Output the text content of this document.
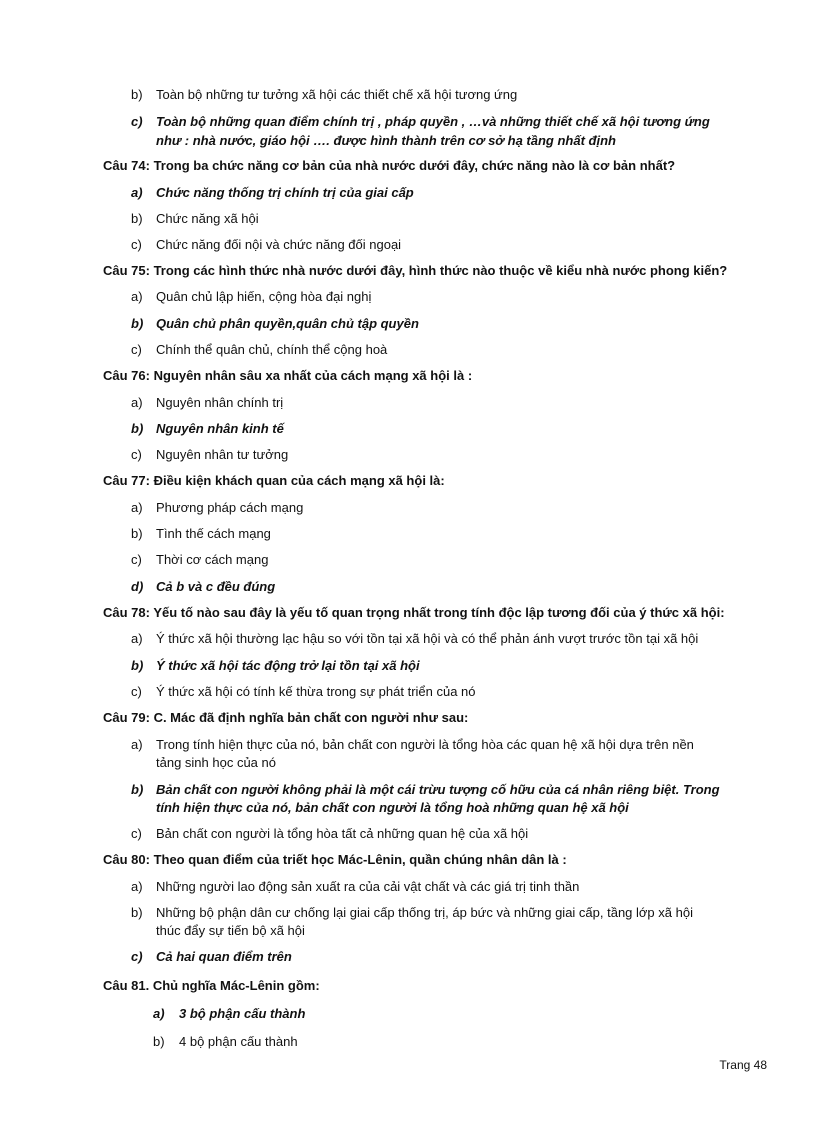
b) Toàn bộ những tư tưởng xã hội các thiết chế xã hội tương ứng
c) Toàn bộ những quan điểm chính trị , pháp quyền , …và những thiết chế xã hội tương ứng
như : nhà nước, giáo hội …. được hình thành trên cơ sở hạ tầng nhất định
Câu 74: Trong ba chức năng cơ bản của nhà nước dưới đây, chức năng nào là cơ bản nhất?
a) Chức năng thống trị chính trị của giai cấp
b) Chức năng xã hội
c) Chức năng đối nội và chức năng đối ngoại
Câu 75: Trong các hình thức nhà nước dưới đây, hình thức nào thuộc về kiểu nhà nước phong kiến?
a) Quân chủ lập hiến, cộng hòa đại nghị
b) Quân chủ phân quyền,quân chủ tập quyền
c) Chính thể quân chủ, chính thể cộng hoà
Câu 76: Nguyên nhân sâu xa nhất của cách mạng xã hội là :
a) Nguyên nhân chính trị
b) Nguyên nhân kinh tế
c) Nguyên nhân tư tưởng
Câu 77: Điều kiện khách quan của cách mạng xã hội là:
a) Phương pháp cách mạng
b) Tình thế cách mạng
c) Thời cơ cách mạng
d) Cả b và c đều đúng
Câu 78: Yếu tố nào sau đây là yếu tố quan trọng nhất trong tính độc lập tương đối của ý thức xã hội:
a) Ý thức xã hội thường lạc hậu so với tồn tại xã hội và có thể phản ánh vượt trước tồn tại xã hội
b) Ý thức xã hội tác động trở lại tồn tại xã hội
c) Ý thức xã hội có tính kế thừa trong sự phát triển của nó
Câu 79: C. Mác đã định nghĩa bản chất con người như sau:
a) Trong tính hiện thực của nó, bản chất con người là tổng hòa các quan hệ xã hội dựa trên nền
tảng sinh học của nó
b) Bản chất con người không phải là một cái trừu tượng cố hữu của cá nhân riêng biệt. Trong
tính hiện thực của nó, bản chất con người là tổng hoà những quan hệ xã hội
c) Bản chất con người là tổng hòa tất cả những quan hệ của xã hội
Câu 80: Theo quan điểm của triết học Mác-Lênin, quần chúng nhân dân là :
a) Những người lao động sản xuất ra của cải vật chất và các giá trị tinh thần
b) Những bộ phận dân cư chống lại giai cấp thống trị, áp bức và những giai cấp, tầng lớp xã hội
thúc đẩy sự tiến bộ xã hội
c) Cả hai quan điểm trên
Câu 81. Chủ nghĩa Mác-Lênin gồm:
a) 3 bộ phận cấu thành
b) 4 bộ phận cấu thành
Trang 48
